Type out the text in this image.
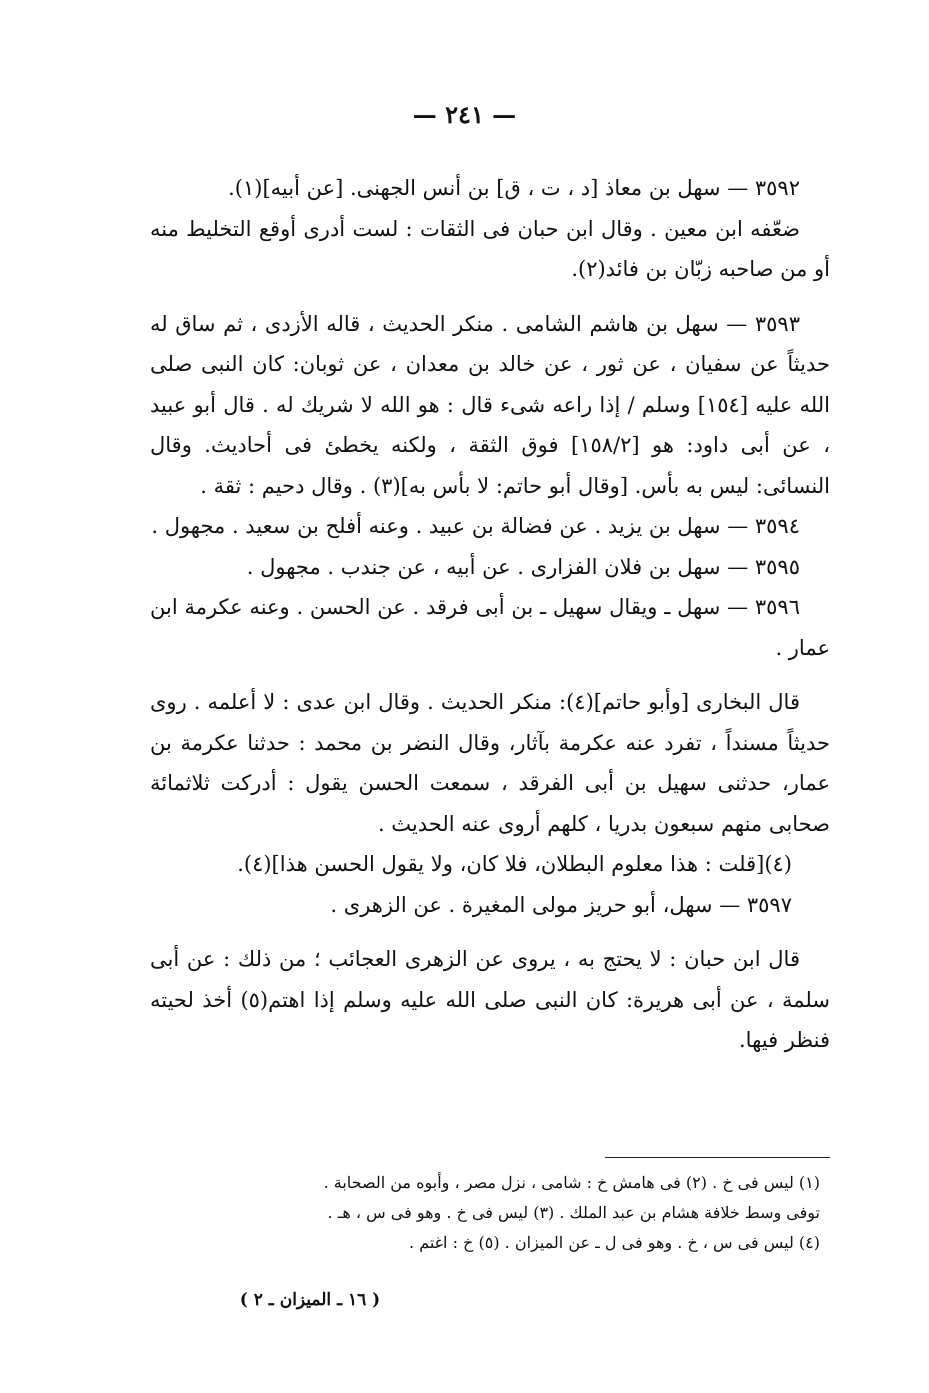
— ٢٤١ —

٣٥٩٢ — سهل بن معاذ [د ، ت ، ق] بن أنس الجهنى. [عن أبيه](١).

ضعّفه ابن معين . وقال ابن حبان فى الثقات : لست أدرى أوقع التخليط منه أو من صاحبه زبّان بن فائد(٢).

٣٥٩٣ — سهل بن هاشم الشامى . منكر الحديث ، قاله الأزدى ، ثم ساق له حديثاً عن سفيان ، عن ثور ، عن خالد بن معدان ، عن ثوبان: كان النبى صلى الله عليه [١٥٤] وسلم / إذا راعه شىء قال : هو الله لا شريك له . قال أبو عبيد ، عن أبى داود: هو [١٥٨/٢] فوق الثقة ، ولكنه يخطئ فى أحاديث. وقال النسائى: ليس به بأس. [وقال أبو حاتم: لا بأس به](٣) . وقال دحيم : ثقة .

٣٥٩٤ — سهل بن يزيد . عن فضالة بن عبيد . وعنه أفلح بن سعيد . مجهول .

٣٥٩٥ — سهل بن فلان الفزارى . عن أبيه ، عن جندب . مجهول .

٣٥٩٦ — سهل ـ ويقال سهيل ـ بن أبى فرقد . عن الحسن . وعنه عكرمة ابن عمار .

قال البخارى [وأبو حاتم](٤): منكر الحديث . وقال ابن عدى : لا أعلمه . روى حديثاً مسنداً ، تفرد عنه عكرمة بآثار، وقال النضر بن محمد : حدثنا عكرمة بن عمار، حدثنى سهيل بن أبى الفرقد ، سمعت الحسن يقول : أدركت ثلاثمائة صحابى منهم سبعون بدريا ، كلهم أروى عنه الحديث .

(٤)[قلت : هذا معلوم البطلان، فلا كان، ولا يقول الحسن هذا](٤).

٣٥٩٧ — سهل، أبو حريز مولى المغيرة . عن الزهرى .

قال ابن حبان : لا يحتج به ، يروى عن الزهرى العجائب ؛ من ذلك : عن أبى سلمة ، عن أبى هريرة: كان النبى صلى الله عليه وسلم إذا اهتم(٥) أخذ لحيته فنظر فيها.

(١) ليس فى خ . (٢) فى هامش خ : شامى ، نزل مصر ، وأبوه من الصحابة .

توفى وسط خلافة هشام بن عبد الملك . (٣) ليس فى خ . وهو فى س ، هـ .

(٤) ليس فى س ، خ . وهو فى ل ـ عن الميزان . (٥) خ : اغتم .

( ١٦ ـ الميزان ـ ٢ )
